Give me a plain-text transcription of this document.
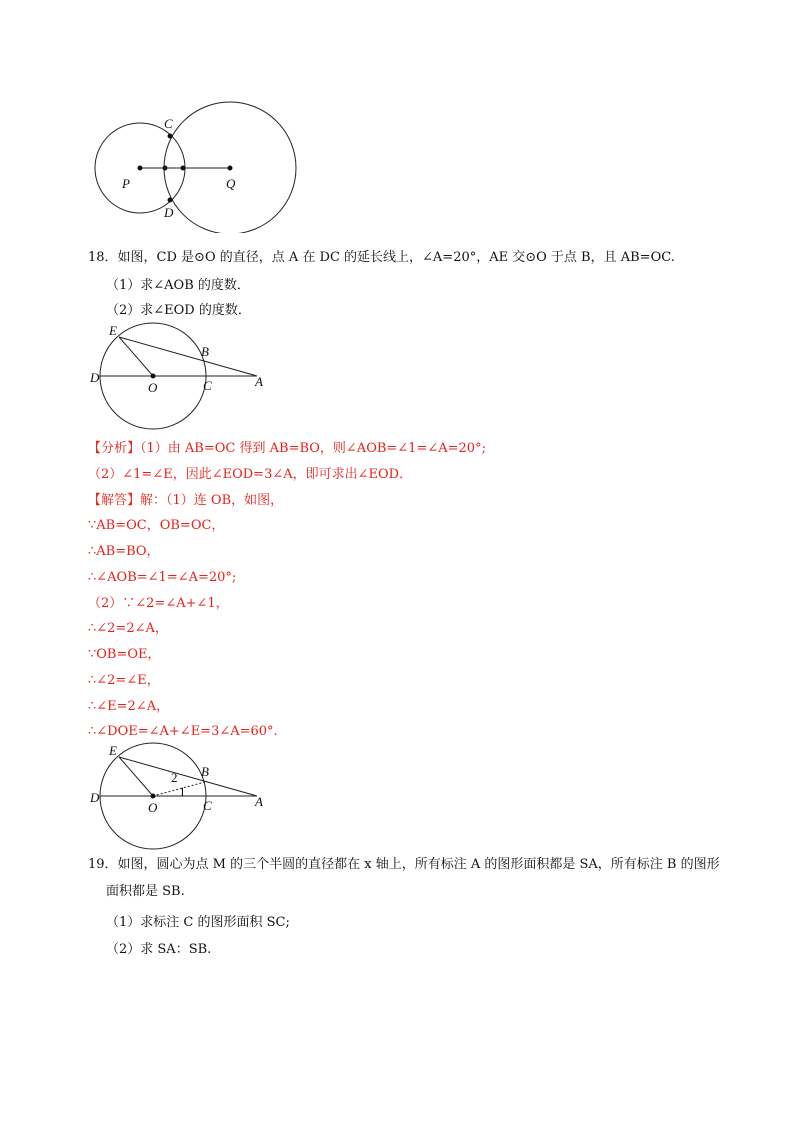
C
D
P	Q
18．如图，CD 是⊙O 的直径，点 A 在 DC 的延长线上，∠A=20°，AE 交⊙O 于点 B，且 AB=OC.
（1）求∠AOB 的度数．
（2）求∠EOD 的度数．
E
B
D
O	C	A
【分析】（1）由 AB=OC 得到 AB=BO，则∠AOB=∠1=∠A=20°;
（2）∠1=∠E，因此∠EOD=3∠A，即可求出∠EOD．
【解答】解：（1）连 OB，如图，
∵AB=OC，OB=OC，
∴AB=BO，
∴∠AOB=∠1=∠A=20°;
（2）∵∠2=∠A+∠1，
∴∠2=2∠A，
∵OB=OE，
∴∠2=∠E，
∴∠E=2∠A，
∴∠DOE=∠A+∠E=3∠A=60°.
E
B
D
O	C	A
2
1
19．如图，圆心为点 M 的三个半圆的直径都在 x 轴上，所有标注 A 的图形面积都是 SA，所有标注 B 的图形
面积都是 SB.
（1）求标注 C 的图形面积 SC;
（2）求 SA：SB.
